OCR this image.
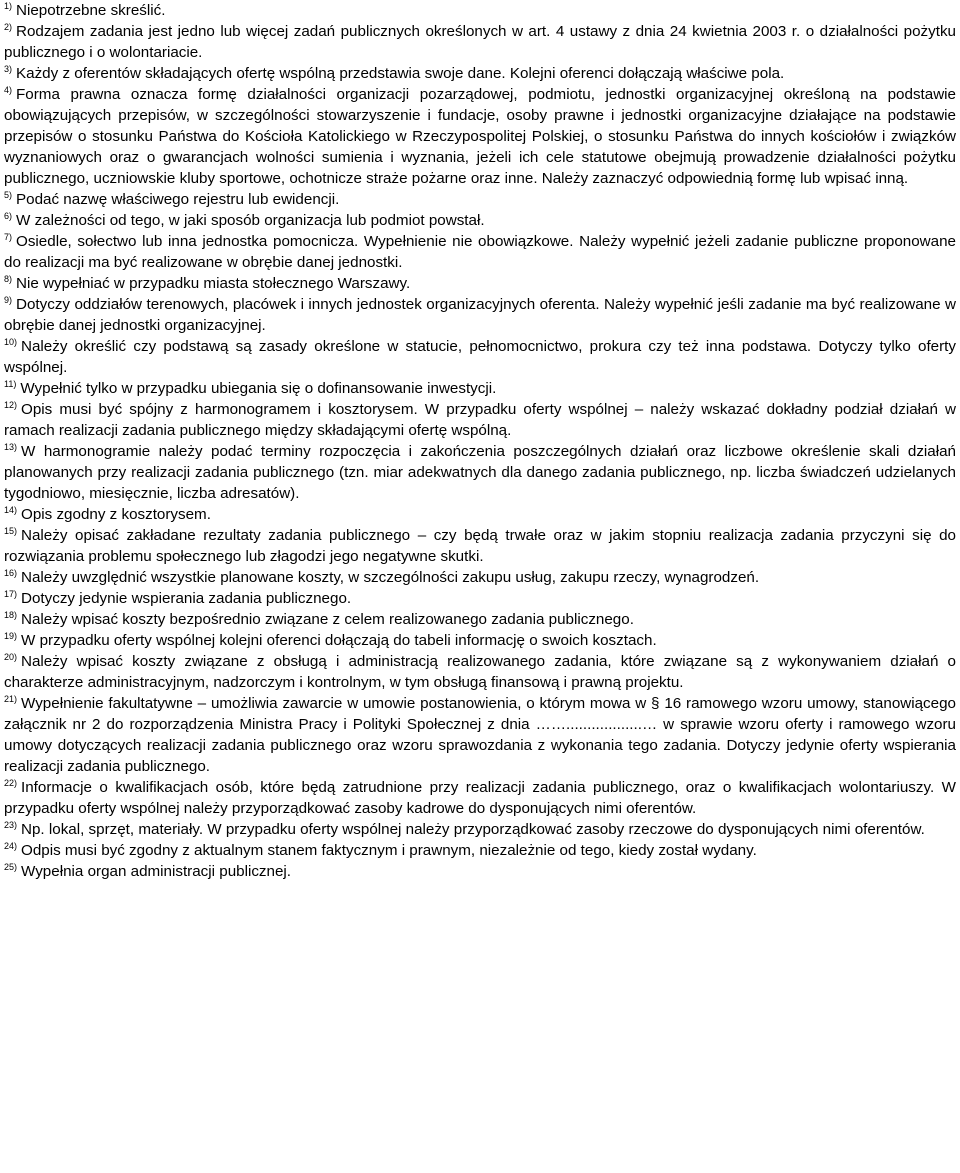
$^{1)}$ Niepotrzebne skreślić.

$^{2)}$ Rodzajem zadania jest jedno lub więcej zadań publicznych określonych w art. 4 ustawy z dnia 24 kwietnia 2003 r. o działalności pożytku publicznego i o wolontariacie.

$^{3)}$ Każdy z oferentów składających ofertę wspólną przedstawia swoje dane. Kolejni oferenci dołączają właściwe pola.

$^{4)}$ Forma prawna oznacza formę działalności organizacji pozarządowej, podmiotu, jednostki organizacyjnej określoną na podstawie obowiązujących przepisów, w szczególności stowarzyszenie i fundacje, osoby prawne i jednostki organizacyjne działające na podstawie przepisów o stosunku Państwa do Kościoła Katolickiego w Rzeczypospolitej Polskiej, o stosunku Państwa do innych kościołów i związków wyznaniowych oraz o gwarancjach wolności sumienia i wyznania, jeżeli ich cele statutowe obejmują prowadzenie działalności pożytku publicznego, uczniowskie kluby sportowe, ochotnicze straże pożarne oraz inne. Należy zaznaczyć odpowiednią formę lub wpisać inną.

$^{5)}$ Podać nazwę właściwego rejestru lub ewidencji.

$^{6)}$ W zależności od tego, w jaki sposób organizacja lub podmiot powstał.

$^{7)}$ Osiedle, sołectwo lub inna jednostka pomocnicza. Wypełnienie nie obowiązkowe. Należy wypełnić jeżeli zadanie publiczne proponowane do realizacji ma być realizowane w obrębie danej jednostki.

$^{8)}$ Nie wypełniać w przypadku miasta stołecznego Warszawy.

$^{9)}$ Dotyczy oddziałów terenowych, placówek i innych jednostek organizacyjnych oferenta. Należy wypełnić jeśli zadanie ma być realizowane w obrębie danej jednostki organizacyjnej.

$^{10)}$ Należy określić czy podstawą są zasady określone w statucie, pełnomocnictwo, prokura czy też inna podstawa. Dotyczy tylko oferty wspólnej.

$^{11)}$ Wypełnić tylko w przypadku ubiegania się o dofinansowanie inwestycji.

$^{12)}$ Opis musi być spójny z harmonogramem i kosztorysem. W przypadku oferty wspólnej – należy wskazać dokładny podział działań w ramach realizacji zadania publicznego między składającymi ofertę wspólną.

$^{13)}$ W harmonogramie należy podać terminy rozpoczęcia i zakończenia poszczególnych działań oraz liczbowe określenie skali działań planowanych przy realizacji zadania publicznego (tzn. miar adekwatnych dla danego zadania publicznego, np. liczba świadczeń udzielanych tygodniowo, miesięcznie, liczba adresatów).

$^{14)}$ Opis zgodny z kosztorysem.

$^{15)}$ Należy opisać zakładane rezultaty zadania publicznego – czy będą trwałe oraz w jakim stopniu realizacja zadania przyczyni się do rozwiązania problemu społecznego lub złagodzi jego negatywne skutki.

$^{16)}$ Należy uwzględnić wszystkie planowane koszty, w szczególności zakupu usług, zakupu rzeczy, wynagrodzeń.

$^{17)}$ Dotyczy jedynie wspierania zadania publicznego.

$^{18)}$ Należy wpisać koszty bezpośrednio związane z celem realizowanego zadania publicznego.

$^{19)}$ W przypadku oferty wspólnej kolejni oferenci dołączają do tabeli informację o swoich kosztach.

$^{20)}$ Należy wpisać koszty związane z obsługą i administracją realizowanego zadania, które związane są z wykonywaniem działań o charakterze administracyjnym, nadzorczym i kontrolnym, w tym obsługą finansową i prawną projektu.

$^{21)}$ Wypełnienie fakultatywne – umożliwia zawarcie w umowie postanowienia, o którym mowa w § 16 ramowego wzoru umowy, stanowiącego załącznik nr 2 do rozporządzenia Ministra Pracy i Polityki Społecznej z dnia ……..................… w sprawie wzoru oferty i ramowego wzoru umowy dotyczących realizacji zadania publicznego oraz wzoru sprawozdania z wykonania tego zadania. Dotyczy jedynie oferty wspierania realizacji zadania publicznego.

$^{22)}$ Informacje o kwalifikacjach osób, które będą zatrudnione przy realizacji zadania publicznego, oraz o kwalifikacjach wolontariuszy. W przypadku oferty wspólnej należy przyporządkować zasoby kadrowe do dysponujących nimi oferentów.

$^{23)}$ Np. lokal, sprzęt, materiały. W przypadku oferty wspólnej należy przyporządkować zasoby rzeczowe do dysponujących nimi oferentów.

$^{24)}$ Odpis musi być zgodny z aktualnym stanem faktycznym i prawnym, niezależnie od tego, kiedy został wydany.

$^{25)}$ Wypełnia organ administracji publicznej.
